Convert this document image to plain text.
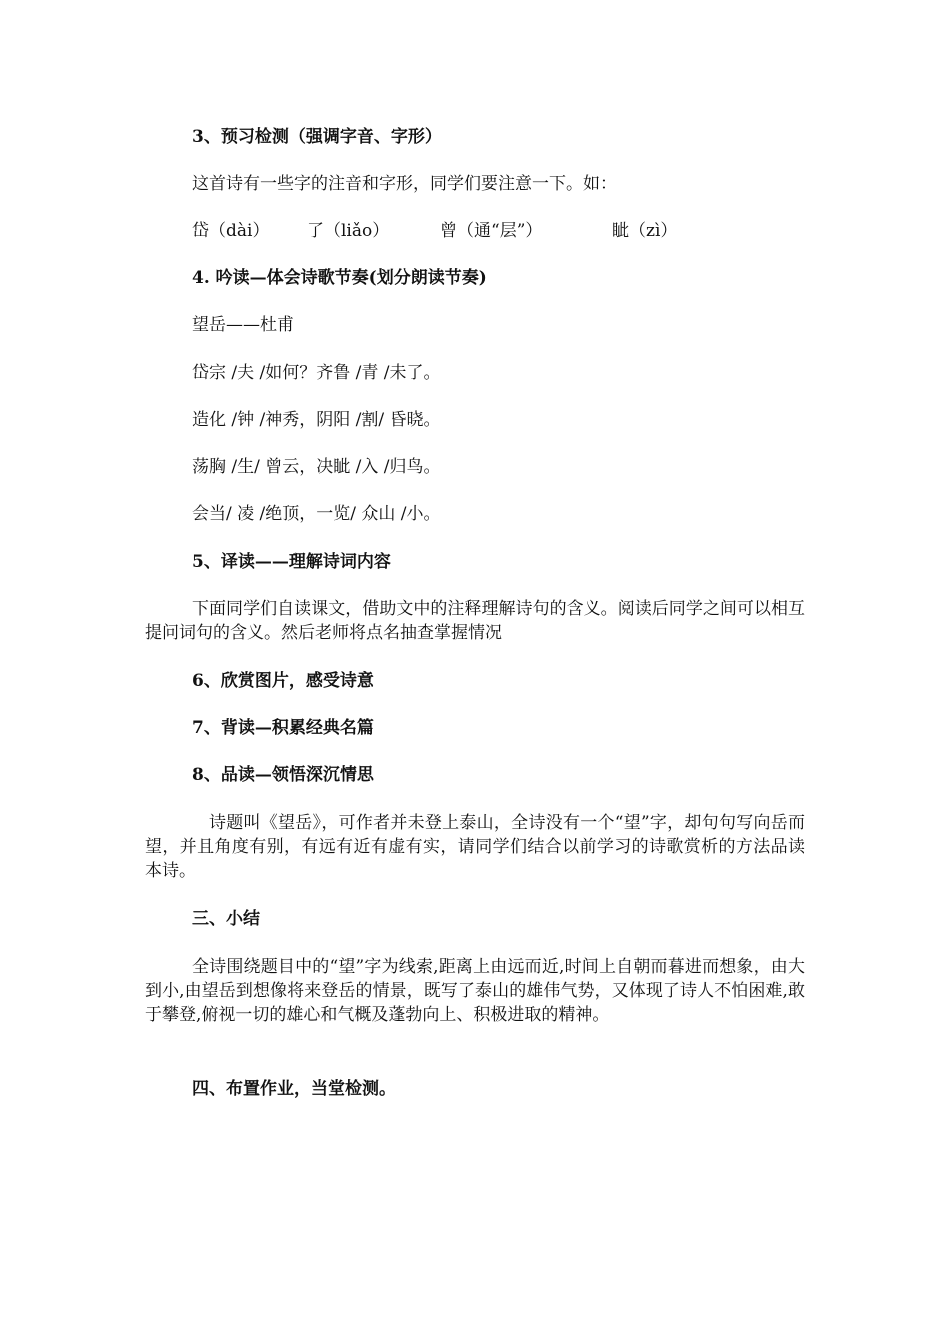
3、预习检测（强调字音、字形）
这首诗有一些字的注音和字形，同学们要注意一下。如：
岱（dài） 了（liǎo）	曾（通“层”）	眦（zì）
4. 吟读—体会诗歌节奏(划分朗读节奏)
望岳——杜甫
岱宗 /夫 /如何？齐鲁 /青 /未了。
造化 /钟 /神秀，阴阳 /割/ 昏晓。
荡胸 /生/ 曾云，决眦 /入 /归鸟。
会当/ 凌 /绝顶，一览/ 众山 /小。
5、译读——理解诗词内容
下面同学们自读课文，借助文中的注释理解诗句的含义。阅读后同学之间可以相互提问词句的含义。然后老师将点名抽查掌握情况
6、欣赏图片，感受诗意
7、背读—积累经典名篇
8、品读—领悟深沉情思
诗题叫《望岳》，可作者并未登上泰山，全诗没有一个“望”字，却句句写向岳而望，并且角度有别，有远有近有虚有实，请同学们结合以前学习的诗歌赏析的方法品读本诗。
三、小结
全诗围绕题目中的“望”字为线索,距离上由远而近,时间上自朝而暮进而想象，由大到小,由望岳到想像将来登岳的情景，既写了泰山的雄伟气势，又体现了诗人不怕困难,敢于攀登,俯视一切的雄心和气概及蓬勃向上、积极进取的精神。
四、布置作业，当堂检测。
